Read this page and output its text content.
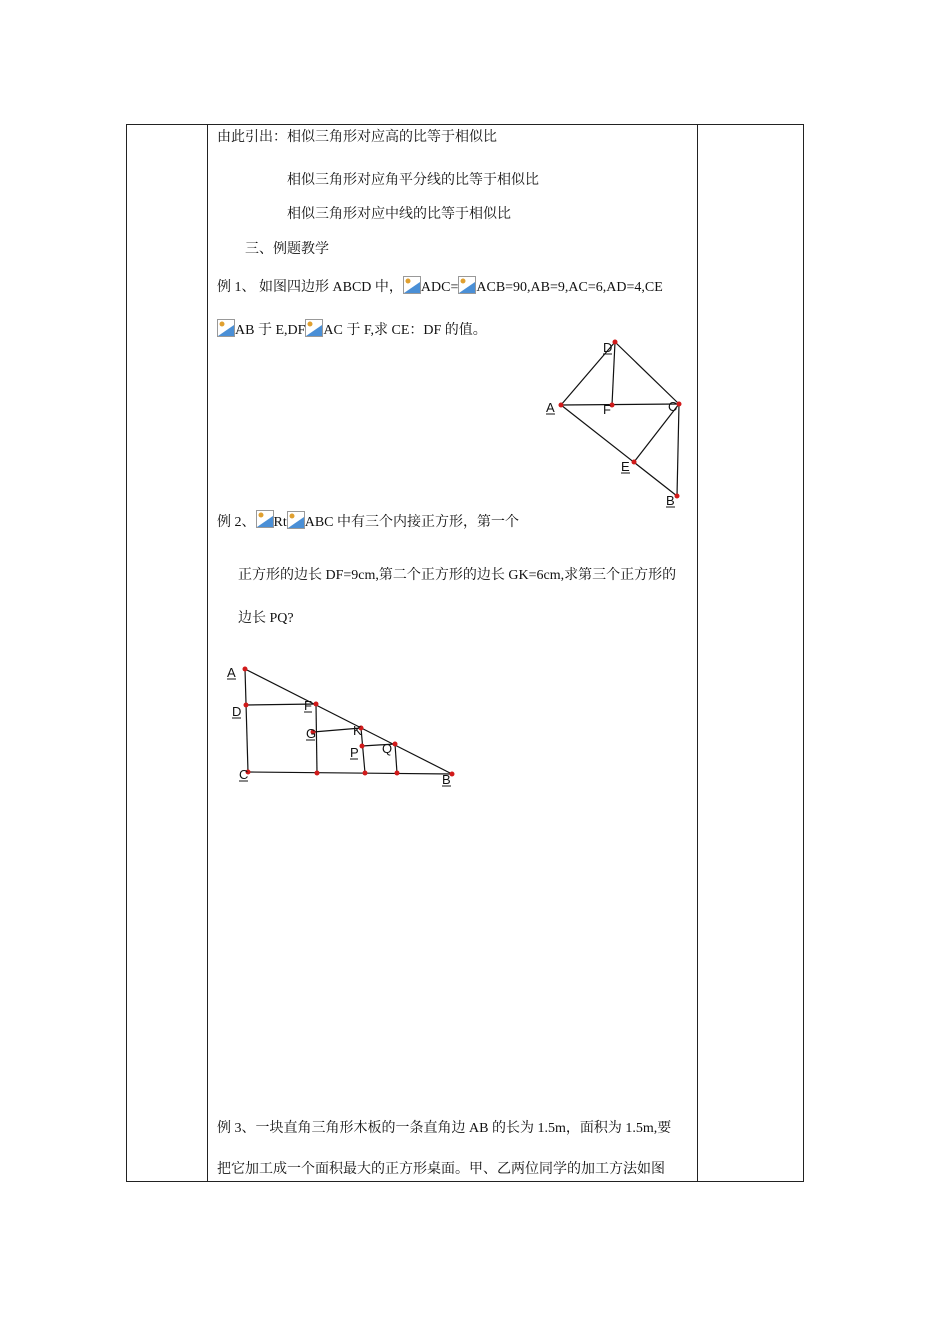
由此引出：相似三角形对应高的比等于相似比
相似三角形对应角平分线的比等于相似比
相似三角形对应中线的比等于相似比
三、例题教学
例 1、 如图四边形 ABCD 中， ADC= ACB=90,AB=9,AC=6,AD=4,CE
AB 于 E,DF AC 于 F,求 CE：DF 的值。
D
A	F	C
E
B
例 2、 Rt ABC 中有三个内接正方形，第一个
正方形的边长 DF=9cm,第二个正方形的边长 GK=6cm,求第三个正方形的
边长 PQ?
A
D	F
G	K
P Q
C	B
例 3、一块直角三角形木板的一条直角边 AB 的长为 1.5m，面积为 1.5m,要
把它加工成一个面积最大的正方形桌面。甲、乙两位同学的加工方法如图
